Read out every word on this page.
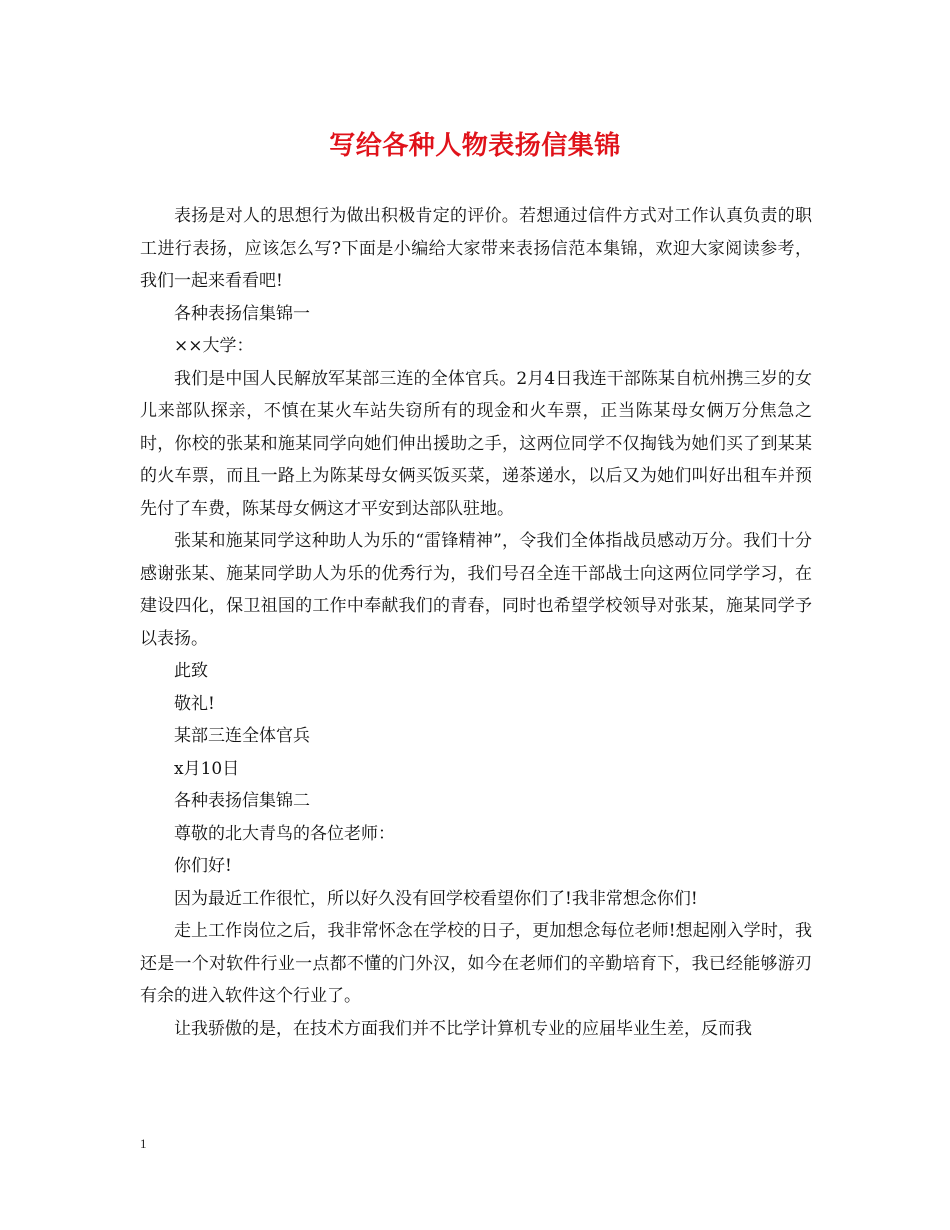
写给各种人物表扬信集锦

表扬是对人的思想行为做出积极肯定的评价。若想通过信件方式对工作认真负责的职工进行表扬，应该怎么写?下面是小编给大家带来表扬信范本集锦，欢迎大家阅读参考，我们一起来看看吧!

各种表扬信集锦一

××大学：

我们是中国人民解放军某部三连的全体官兵。2月4日我连干部陈某自杭州携三岁的女儿来部队探亲，不慎在某火车站失窃所有的现金和火车票，正当陈某母女俩万分焦急之时，你校的张某和施某同学向她们伸出援助之手，这两位同学不仅掏钱为她们买了到某某的火车票，而且一路上为陈某母女俩买饭买菜，递茶递水，以后又为她们叫好出租车并预先付了车费，陈某母女俩这才平安到达部队驻地。

张某和施某同学这种助人为乐的“雷锋精神”，令我们全体指战员感动万分。我们十分感谢张某、施某同学助人为乐的优秀行为，我们号召全连干部战士向这两位同学学习，在建设四化，保卫祖国的工作中奉献我们的青春，同时也希望学校领导对张某，施某同学予以表扬。

此致

敬礼!

某部三连全体官兵

x月10日

各种表扬信集锦二

尊敬的北大青鸟的各位老师：

你们好!

因为最近工作很忙，所以好久没有回学校看望你们了!我非常想念你们!

走上工作岗位之后，我非常怀念在学校的日子，更加想念每位老师!想起刚入学时，我还是一个对软件行业一点都不懂的门外汉，如今在老师们的辛勤培育下，我已经能够游刃有余的进入软件这个行业了。

让我骄傲的是，在技术方面我们并不比学计算机专业的应届毕业生差，反而我

1
